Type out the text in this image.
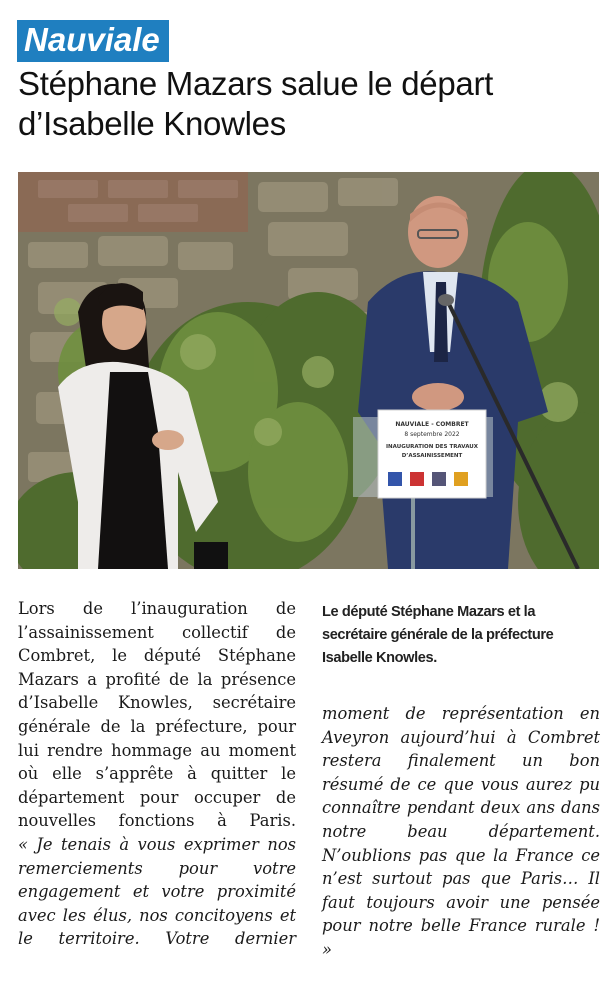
Nauviale
Stéphane Mazars salue le départ d’Isabelle Knowles
NAUVIALE - COMBRET
8 septembre 2022
INAUGURATION DES TRAVAUX
D’ASSAINISSEMENT
Le député Stéphane Mazars et la secrétaire générale de la préfecture Isabelle Knowles.

Lors de l’inauguration de l’assainissement collectif de Combret, le député Stéphane Mazars a profité de la présence d’Isabelle Knowles, secrétaire générale de la préfecture, pour lui rendre hommage au moment où elle s’apprête à quitter le département pour occuper de nouvelles fonctions à Paris.

« Je tenais à vous exprimer nos remerciements pour votre engagement et votre proximité avec les élus, nos concitoyens et le territoire. Votre dernier

moment de représentation en Aveyron aujourd’hui à Combret restera finalement un bon résumé de ce que vous aurez pu connaître pendant deux ans dans notre beau département. N’oublions pas que la France ce n’est surtout pas que Paris… Il faut toujours avoir une pensée pour notre belle France rurale ! »
